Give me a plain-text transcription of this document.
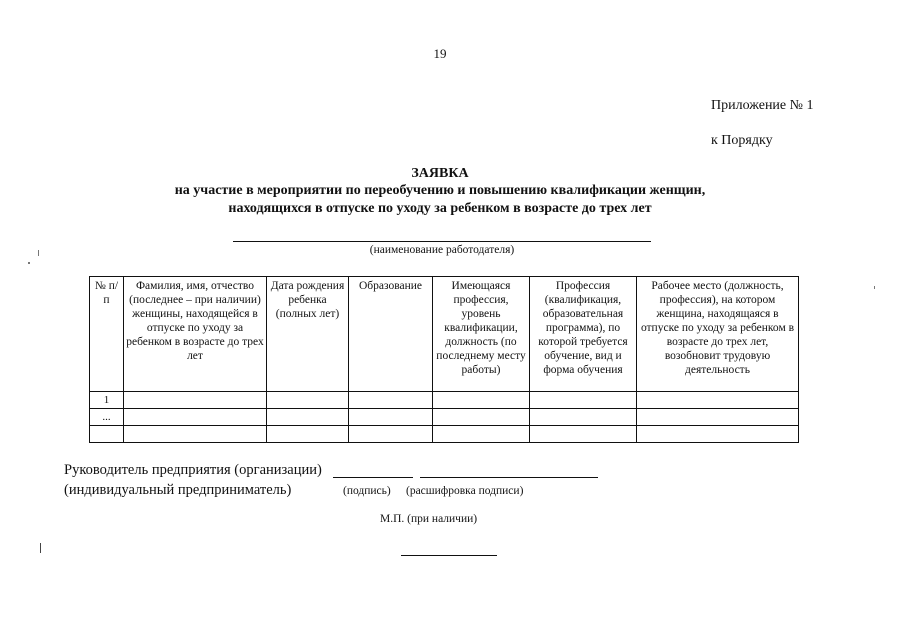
19
Приложение № 1
к Порядку
ЗАЯВКА
на участие в мероприятии по переобучению и повышению квалификации женщин,
находящихся в отпуске по уходу за ребенком в возрасте до трех лет
(наименование работодателя)
№ п/п	Фамилия, имя, отчество (последнее – при наличии) женщины, находящейся в отпуске по уходу за ребенком в возрасте до трех лет	Дата рождения ребенка (полных лет)	Образование	Имеющаяся профессия, уровень квалификации, должность (по последнему месту работы)	Профессия (квалификация, образовательная программа), по которой требуется обучение, вид и форма обучения	Рабочее место (должность, профессия), на котором женщина, находящаяся в отпуске по уходу за ребенком в возрасте до трех лет, возобновит трудовую деятельность
1						
...						

Руководитель предприятия (организации)
(индивидуальный предприниматель)	(подпись) (расшифровка подписи)
М.П. (при наличии)
